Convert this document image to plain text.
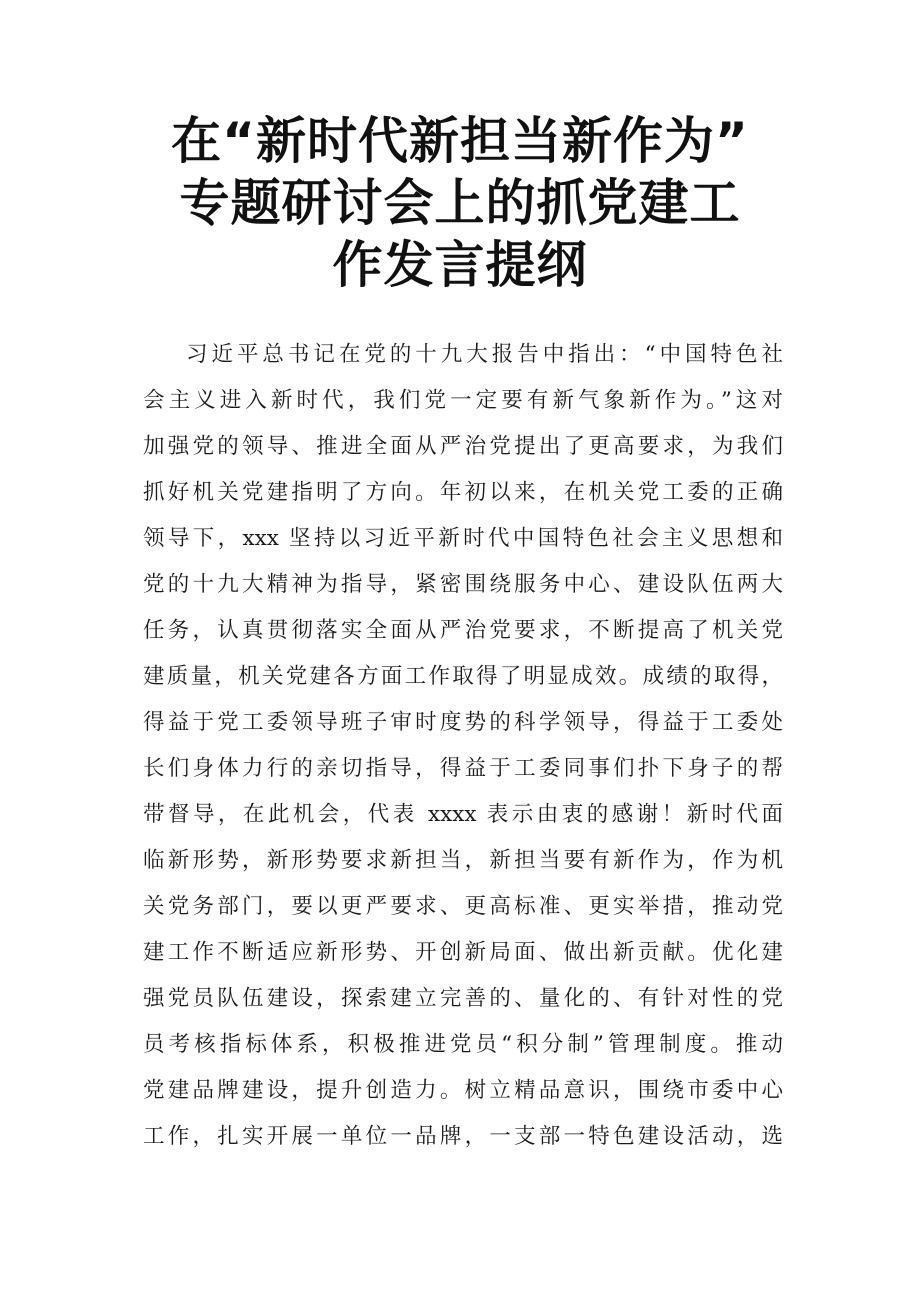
在“新时代新担当新作为”
专题研讨会上的抓党建工
作发言提纲
习近平总书记在党的十九大报告中指出：“中国特色社
会主义进入新时代，我们党一定要有新气象新作为。”这对
加强党的领导、推进全面从严治党提出了更高要求，为我们
抓好机关党建指明了方向。年初以来，在机关党工委的正确
领导下，xxx 坚持以习近平新时代中国特色社会主义思想和
党的十九大精神为指导，紧密围绕服务中心、建设队伍两大
任务，认真贯彻落实全面从严治党要求，不断提高了机关党
建质量，机关党建各方面工作取得了明显成效。成绩的取得，
得益于党工委领导班子审时度势的科学领导，得益于工委处
长们身体力行的亲切指导，得益于工委同事们扑下身子的帮
带督导，在此机会，代表 xxxx 表示由衷的感谢！新时代面
临新形势，新形势要求新担当，新担当要有新作为，作为机
关党务部门，要以更严要求、更高标准、更实举措，推动党
建工作不断适应新形势、开创新局面、做出新贡献。优化建
强党员队伍建设，探索建立完善的、量化的、有针对性的党
员考核指标体系，积极推进党员“积分制”管理制度。推动
党建品牌建设，提升创造力。树立精品意识，围绕市委中心
工作，扎实开展一单位一品牌，一支部一特色建设活动，选
